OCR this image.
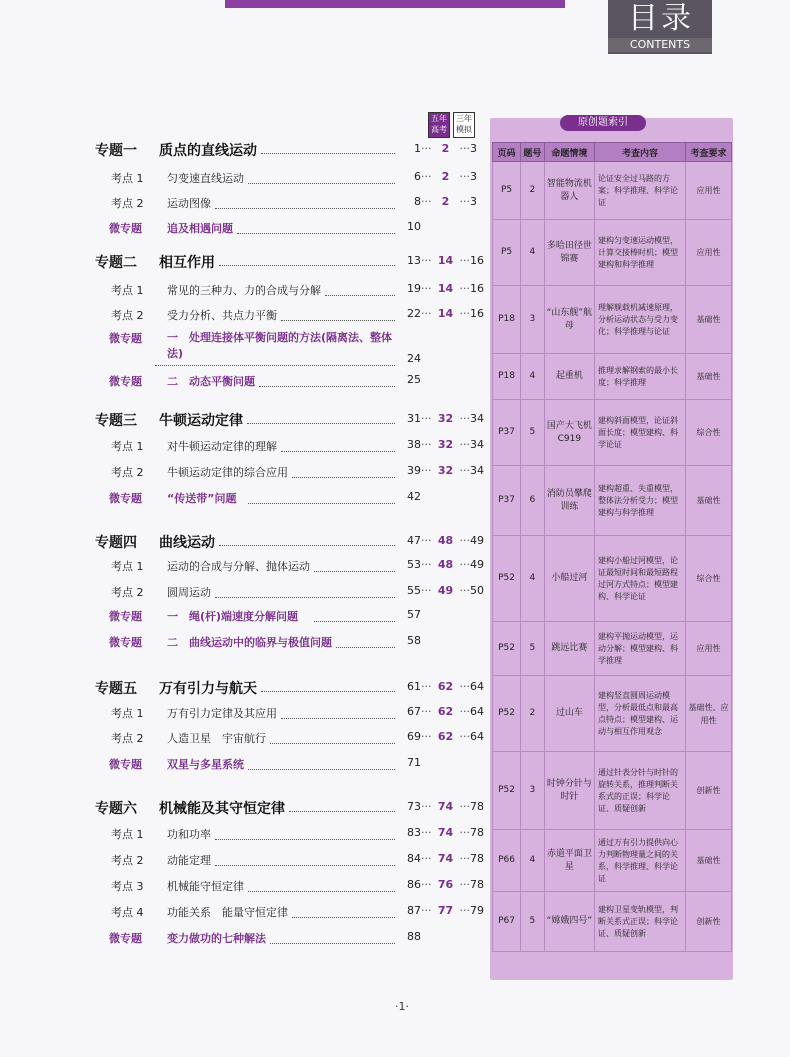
目录
CONTENTS
五年高考
三年模拟
专题一 质点的直线运动	1··· 2 ···3
考点 1 匀变速直线运动	6··· 2 ···3
考点 2 运动图像	8··· 2 ···3
微专题 追及相遇问题	10
专题二 相互作用	13··· 14 ···16
考点 1 常见的三种力、力的合成与分解	19··· 14 ···16
考点 2 受力分析、共点力平衡	22··· 14 ···16
微专题 一　处理连接体平衡问题的方法(隔离法、整体法)	24
微专题 二　动态平衡问题	25
专题三 牛顿运动定律	31··· 32 ···34
考点 1 对牛顿运动定律的理解	38··· 32 ···34
考点 2 牛顿运动定律的综合应用	39··· 32 ···34
微专题 “传送带”问题	42
专题四 曲线运动	47··· 48 ···49
考点 1 运动的合成与分解、抛体运动	53··· 48 ···49
考点 2 圆周运动	55··· 49 ···50
微专题 一　绳(杆)端速度分解问题	57
微专题 二　曲线运动中的临界与极值问题	58
专题五 万有引力与航天	61··· 62 ···64
考点 1 万有引力定律及其应用	67··· 62 ···64
考点 2 人造卫星　宇宙航行	69··· 62 ···64
微专题 双星与多星系统	71
专题六 机械能及其守恒定律	73··· 74 ···78
考点 1 功和功率	83··· 74 ···78
考点 2 动能定理	84··· 74 ···78
考点 3 机械能守恒定律	86··· 76 ···78
考点 4 功能关系　能量守恒定律	87··· 77 ···79
微专题 变力做功的七种解法	88
原创题索引
页码	题号	命题情境	考查内容	考查要求
P5	2	智能物流机器人	论证安全过马路的方案；科学推理、科学论证	应用性
P5	4	多哈田径世锦赛	建构匀变速运动模型，计算交接棒时机；模型建构和科学推理	应用性
P18	3	“山东舰”航母	理解舰载机减速原理，分析运动状态与受力变化；科学推理与论证	基础性
P18	4	起重机	推理求解钢索的最小长度；科学推理	基础性
P37	5	国产大飞机C919	建构斜面模型，论证斜面长度；模型建构、科学论证	综合性
P37	6	消防员攀爬训练	建构超重、失重模型，整体法分析受力；模型建构与科学推理	基础性
P52	4	小船过河	建构小船过河模型，论证最短时间和最短路程过河方式特点；模型建构、科学论证	综合性
P52	5	跳远比赛	建构平抛运动模型，运动分解；模型建构、科学推理	应用性
P52	2	过山车	建构竖直圆周运动模型，分析最低点和最高点特点；模型建构、运动与相互作用观念	基础性、应用性
P52	3	时钟分针与时针	通过针表分针与时针的旋转关系，推理判断关系式的正误；科学论证、质疑创新	创新性
P66	4	赤道平面卫星	通过万有引力提供向心力判断物理量之间的关系，科学推理、科学论证	基础性
P67	5	“嫦娥四号”	建构卫星变轨模型，判断关系式正误；科学论证、质疑创新	创新性
·1·
